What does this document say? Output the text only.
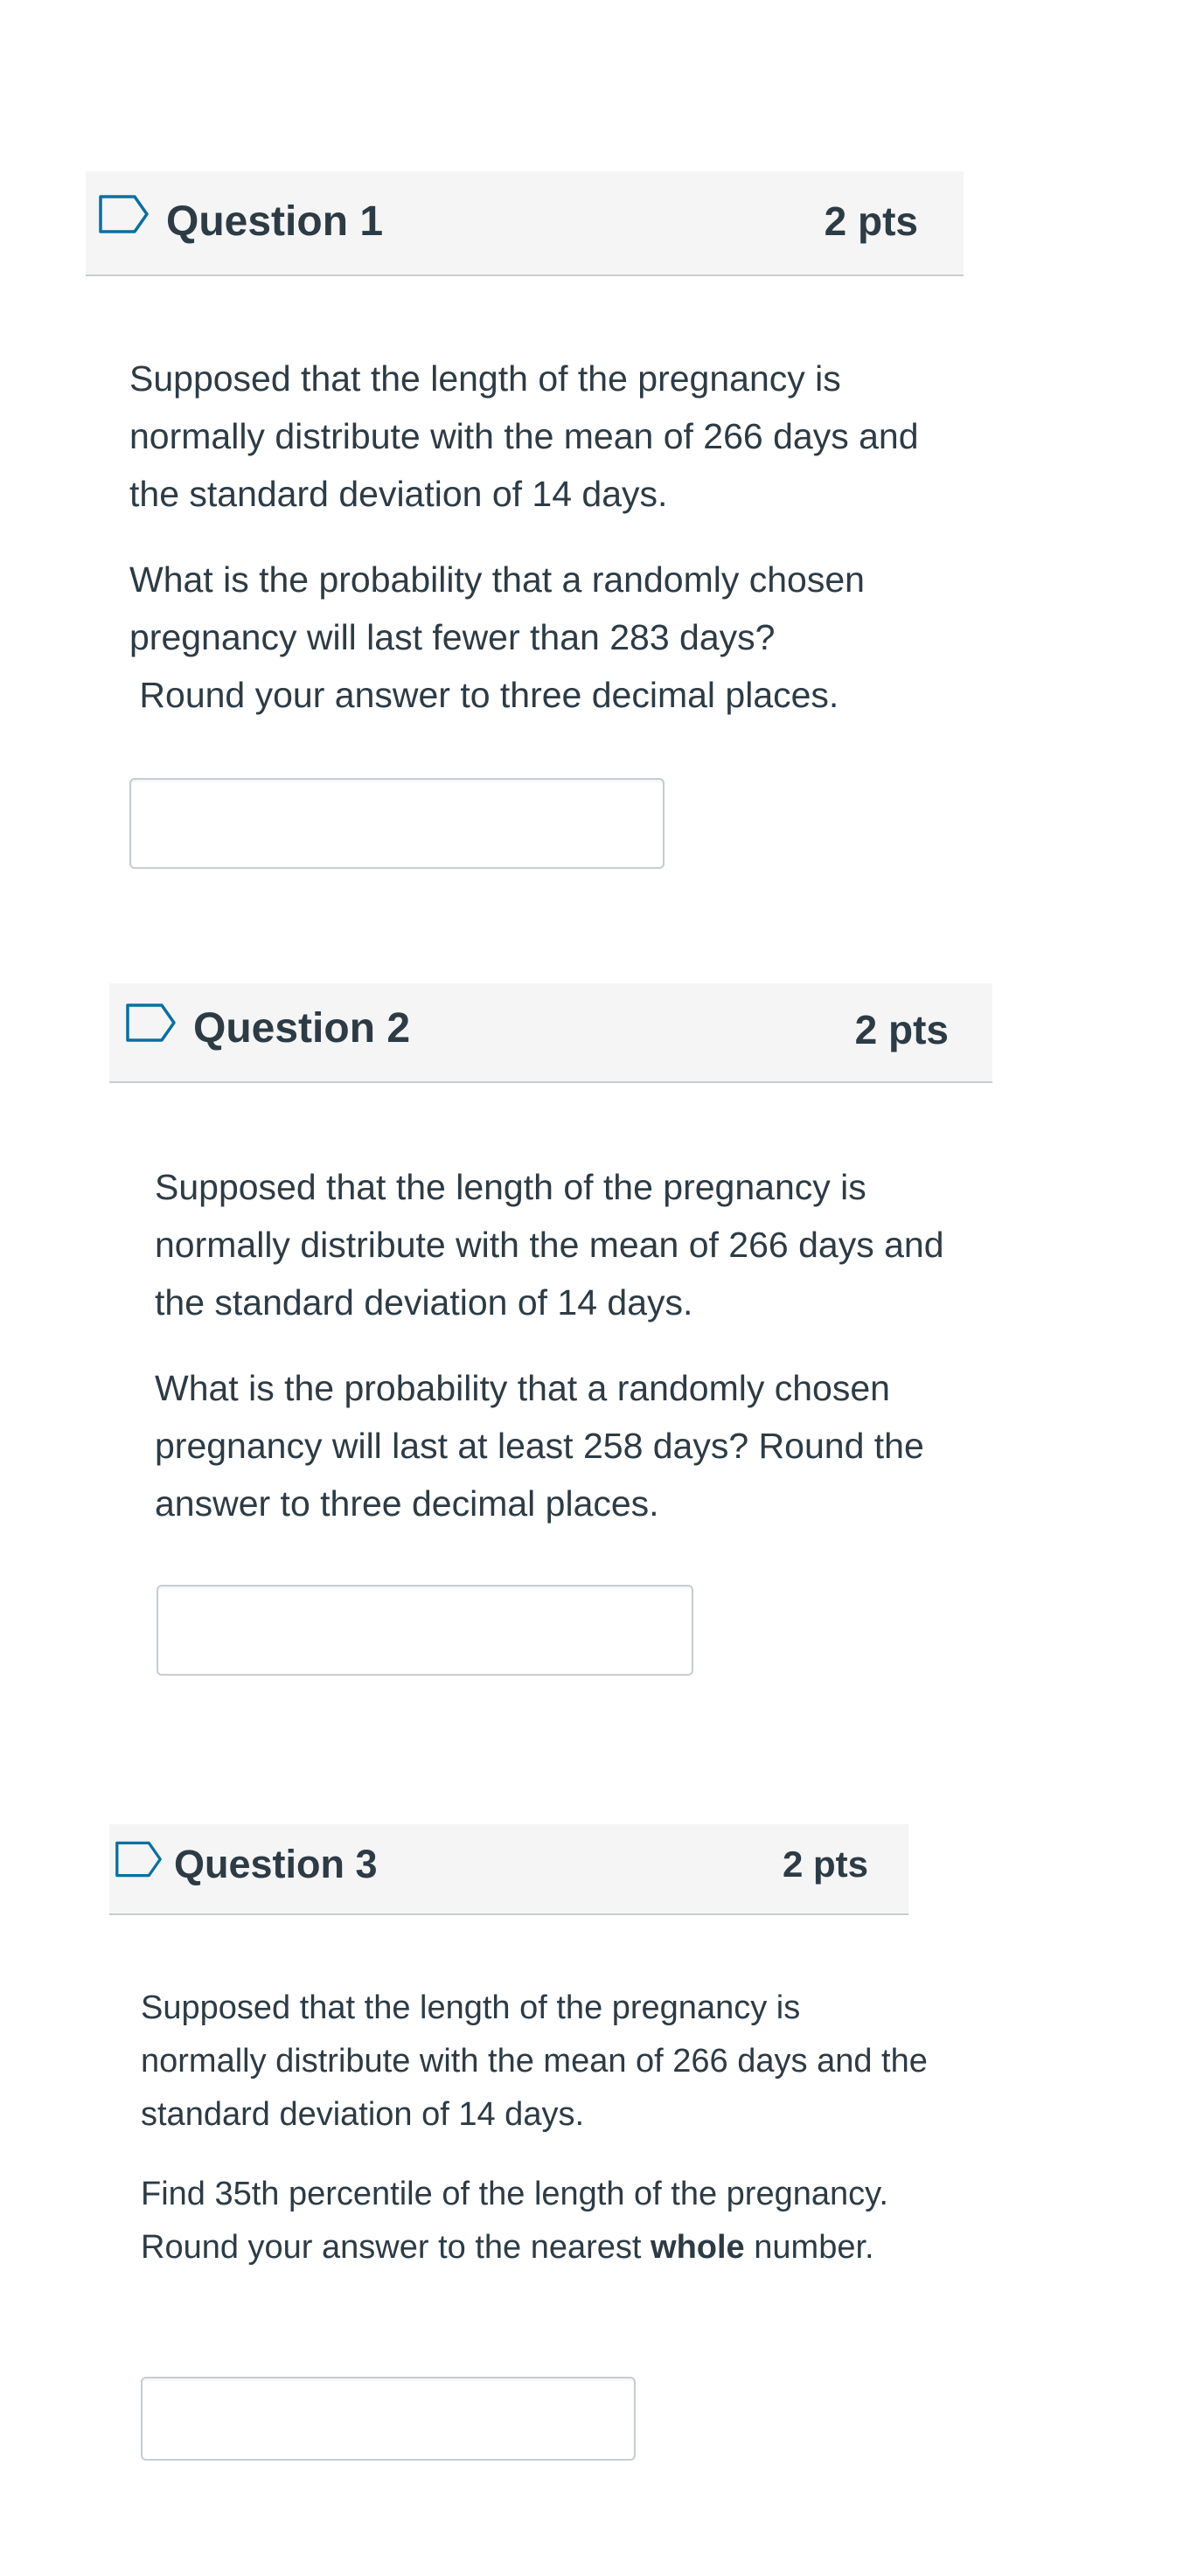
Question 1	2 pts

Supposed that the length of the pregnancy is normally distribute with the mean of 266 days and the standard deviation of 14 days.

What is the probability that a randomly chosen pregnancy will last fewer than 283 days?
Round your answer to three decimal places.

Question 2	2 pts

Supposed that the length of the pregnancy is normally distribute with the mean of 266 days and the standard deviation of 14 days.

What is the probability that a randomly chosen pregnancy will last at least 258 days? Round the answer to three decimal places.

Question 3	2 pts

Supposed that the length of the pregnancy is normally distribute with the mean of 266 days and the standard deviation of 14 days.

Find 35th percentile of the length of the pregnancy. Round your answer to the nearest whole number.
